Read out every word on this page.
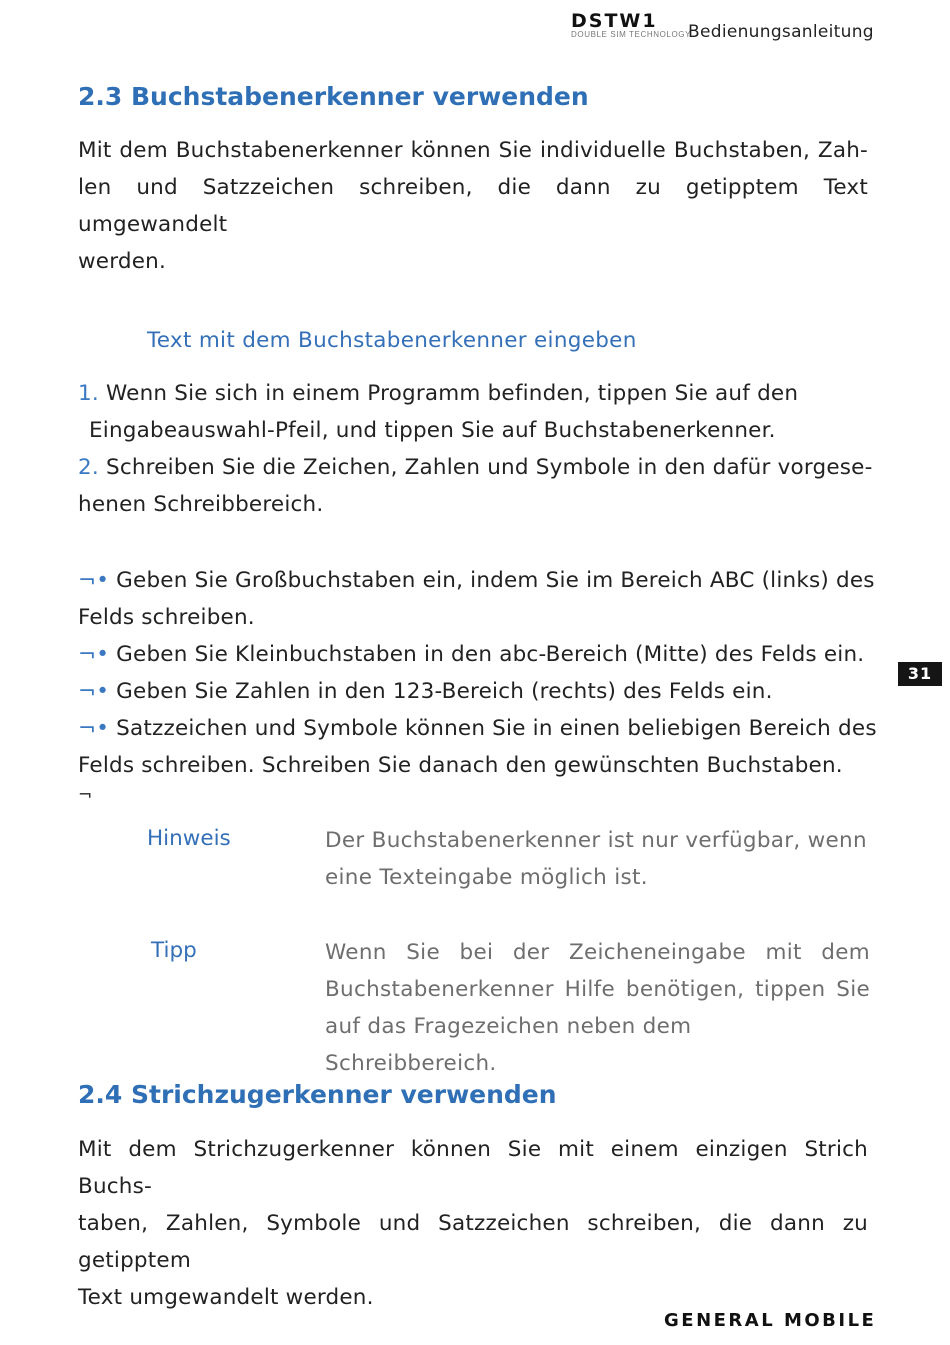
DSTW1
DOUBLE SIM TECHNOLOGY
Bedienungsanleitung
2.3 Buchstabenerkenner verwenden
Mit dem Buchstabenerkenner können Sie individuelle Buchstaben, Zah-
len und Satzzeichen schreiben, die dann zu getipptem Text umgewandelt
werden.
Text mit dem Buchstabenerkenner eingeben
1. Wenn Sie sich in einem Programm befinden, tippen Sie auf den
Eingabeauswahl-Pfeil, und tippen Sie auf Buchstabenerkenner.
2. Schreiben Sie die Zeichen, Zahlen und Symbole in den dafür vorgese-
henen Schreibbereich.
¬• Geben Sie Großbuchstaben ein, indem Sie im Bereich ABC (links) des
Felds schreiben.
¬• Geben Sie Kleinbuchstaben in den abc-Bereich (Mitte) des Felds ein.
¬• Geben Sie Zahlen in den 123-Bereich (rechts) des Felds ein.
¬• Satzzeichen und Symbole können Sie in einen beliebigen Bereich des
Felds schreiben. Schreiben Sie danach den gewünschten Buchstaben.
¬
Hinweis	Der Buchstabenerkenner ist nur verfügbar, wenn
eine Texteingabe möglich ist.
Tipp	Wenn Sie bei der Zeicheneingabe mit dem
Buchstabenerkenner Hilfe benötigen, tippen Sie
auf das Fragezeichen neben dem Schreibbereich.
2.4 Strichzugerkenner verwenden
Mit dem Strichzugerkenner können Sie mit einem einzigen Strich Buchs-
taben, Zahlen, Symbole und Satzzeichen schreiben, die dann zu getipptem
Text umgewandelt werden.
31
GENERAL MOBILE
